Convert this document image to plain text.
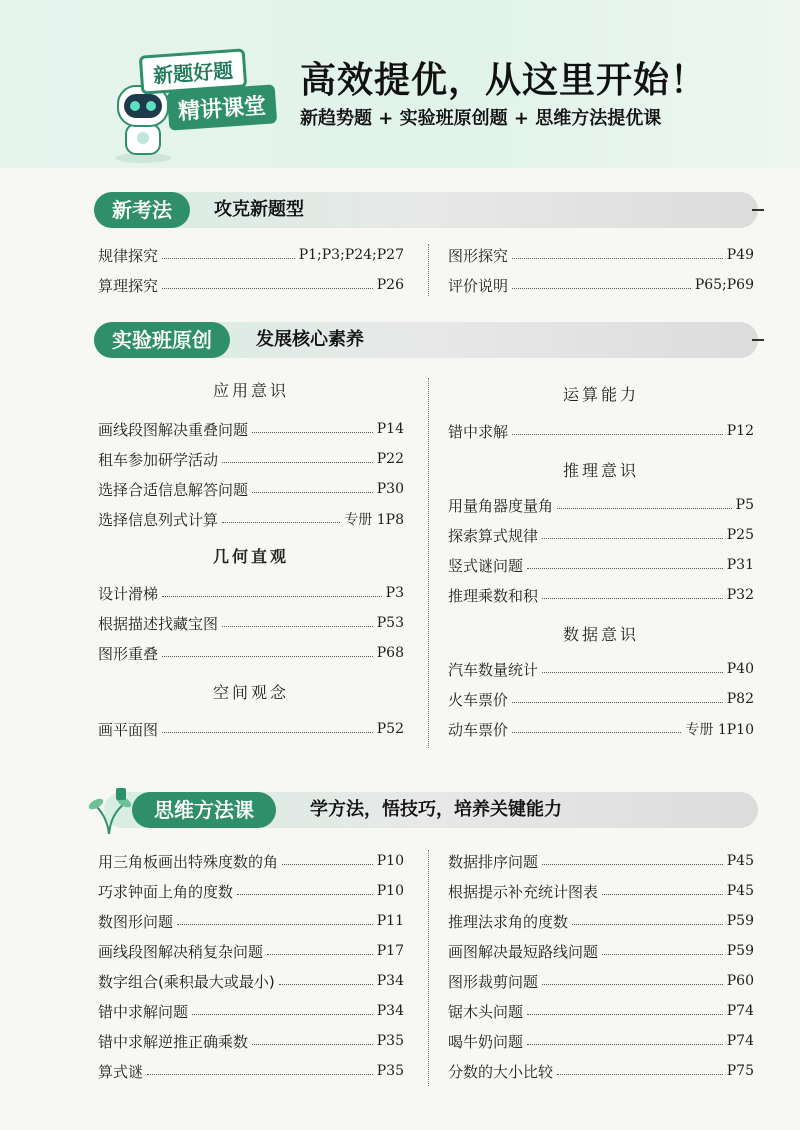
新题好题
精讲课堂
高效提优，从这里开始！
新趋势题 + 实验班原创题 + 思维方法提优课
新考法	攻克新题型
规律探究	P1;P3;P24;P27
算理探究	P26
图形探究	P49
评价说明	P65;P69
实验班原创	发展核心素养
应用意识
画线段图解决重叠问题	P14
租车参加研学活动	P22
选择合适信息解答问题	P30
选择信息列式计算	专册 1P8
几何直观
设计滑梯	P3
根据描述找藏宝图	P53
图形重叠	P68
空间观念
画平面图	P52
运算能力
错中求解	P12
推理意识
用量角器度量角	P5
探索算式规律	P25
竖式谜问题	P31
推理乘数和积	P32
数据意识
汽车数量统计	P40
火车票价	P82
动车票价	专册 1P10
思维方法课	学方法，悟技巧，培养关键能力
用三角板画出特殊度数的角	P10
巧求钟面上角的度数	P10
数图形问题	P11
画线段图解决稍复杂问题	P17
数字组合(乘积最大或最小)	P34
错中求解问题	P34
错中求解逆推正确乘数	P35
算式谜	P35
数据排序问题	P45
根据提示补充统计图表	P45
推理法求角的度数	P59
画图解决最短路线问题	P59
图形裁剪问题	P60
锯木头问题	P74
喝牛奶问题	P74
分数的大小比较	P75
